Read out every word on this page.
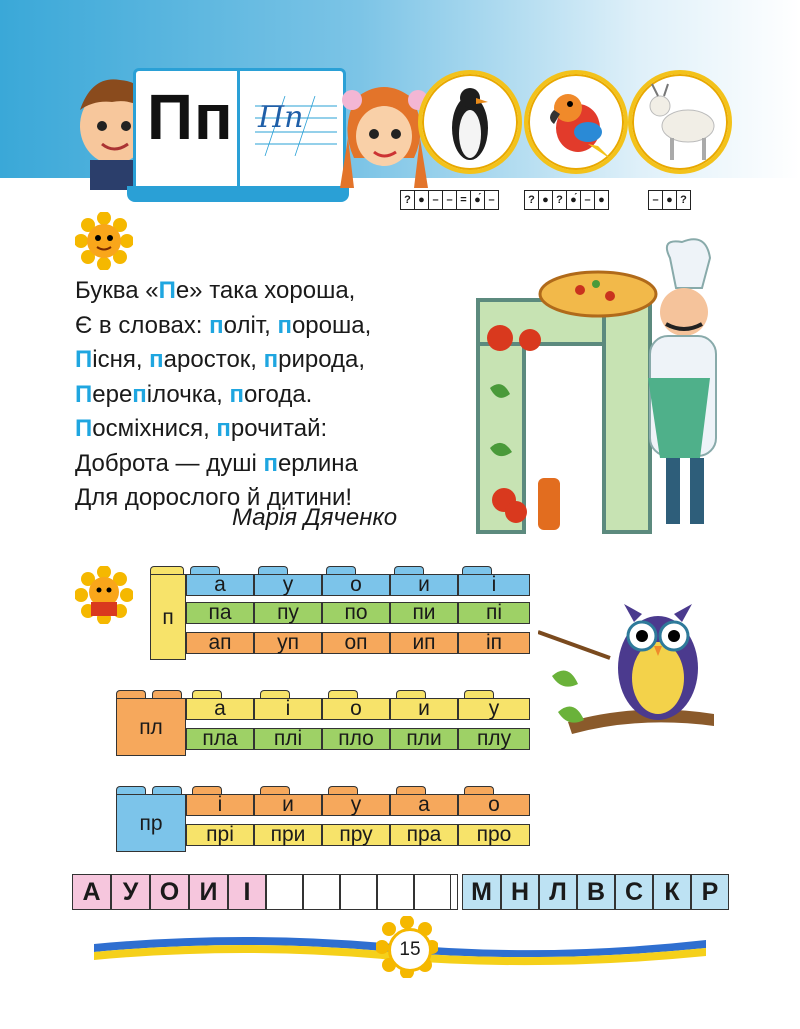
Пп Пп
? ● – – = ●́ –	? ● ? ●́ – ●	– ● ?
Буква «Пе» така хороша,
Є в словах: політ, пороша,
Пісня, паросток, природа,
Перепілочка, погода.
Посміхнися, прочитай:
Доброта — душі перлина
Для дорослого й дитини!
Марія Дяченко
п
а	у	о	и	і
па	пу	по	пи	пі
ап	уп	оп	ип	іп
пл
а	і	о	и	у
пла	плі	пло	пли	плу
пр
і	и	у	а	о
прі	при	пру	пра	про
А У О И	І	М Н Л В С К Р
15
